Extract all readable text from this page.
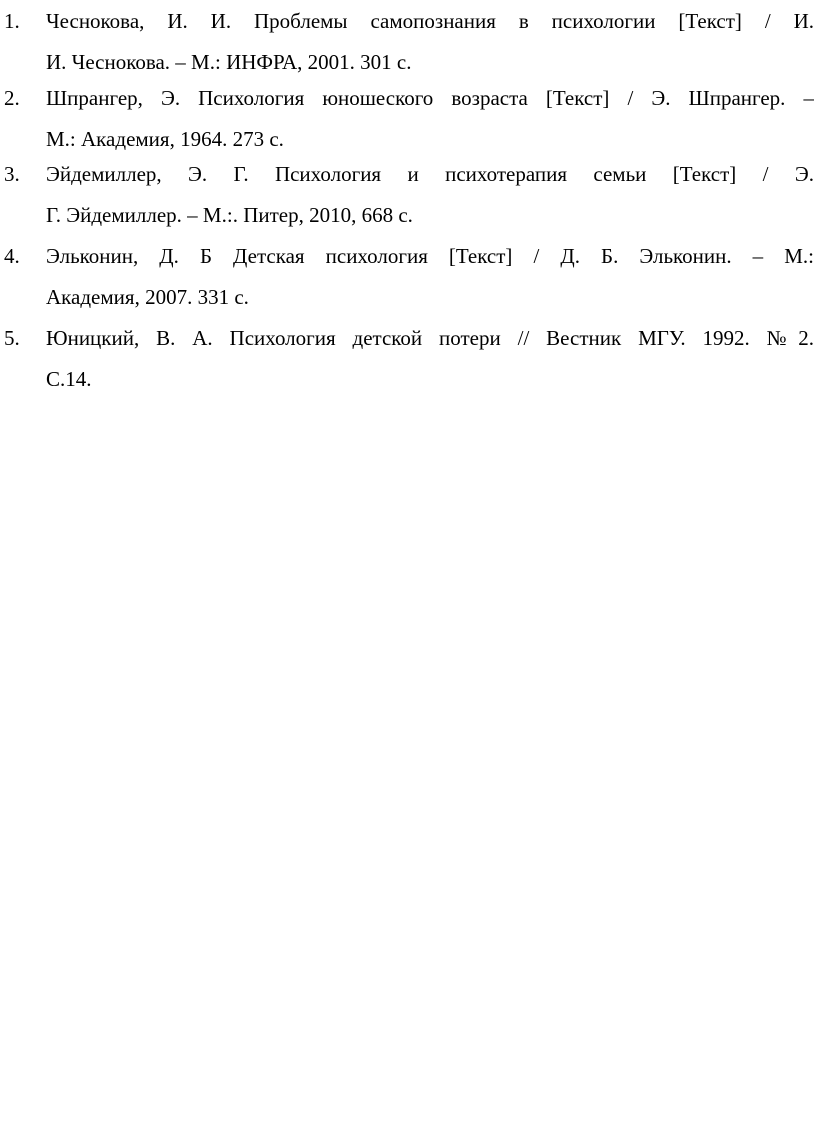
1.	Чеснокова, И. И. Проблемы самопознания в психологии [Текст] / И.
И. Чеснокова. – М.: ИНФРА, 2001. 301 с.
2.	Шпрангер, Э. Психология юношеского возраста [Текст] / Э. Шпрангер. –
М.: Академия, 1964. 273 с.
3.	Эйдемиллер, Э. Г. Психология и психотерапия семьи [Текст] / Э.
Г. Эйдемиллер. – М.:. Питер, 2010, 668 с.
4.	Эльконин, Д. Б Детская психология [Текст] / Д. Б. Эльконин. – М.:
Академия, 2007. 331 с.
5.	Юницкий, В. А. Психология детской потери // Вестник МГУ. 1992. №2.
С.14.
